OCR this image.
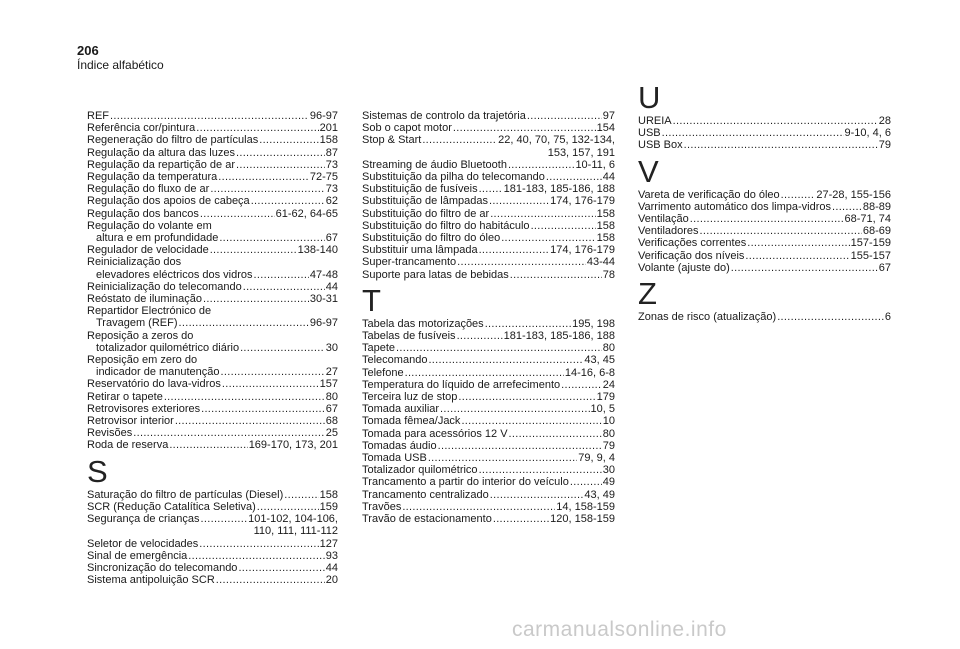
206
Índice alfabético
REF .....	96-97
Referência cor/pintura .....	201
Regeneração do filtro de partículas .....	158
Regulação da altura das luzes .....	87
Regulação da repartição de ar .....	73
Regulação da temperatura .....	72-75
Regulação do fluxo de ar .....	73
Regulação dos apoios de cabeça .....	62
Regulação dos bancos .....	61-62, 64-65
Regulação do volante em
altura e em profundidade .....	67
Regulador de velocidade .....	138-140
Reinicialização dos
elevadores eléctricos dos vidros .....	47-48
Reinicialização do telecomando .....	44
Reóstato de iluminação .....	30-31
Repartidor Electrónico de
Travagem (REF) .....	96-97
Reposição a zeros do
totalizador quilométrico diário .....	30
Reposição em zero do
indicador de manutenção .....	27
Reservatório do lava-vidros .....	157
Retirar o tapete .....	80
Retrovisores exteriores .....	67
Retrovisor interior .....	68
Revisões .....	25
Roda de reserva .....	169-170, 173, 201
S
Saturação do filtro de partículas (Diesel) .....	158
SCR (Redução Catalítica Seletiva) .....	159
Segurança de crianças .....	101-102, 104-106,
110, 111, 111-112
Seletor de velocidades .....	127
Sinal de emergência .....	93
Sincronização do telecomando .....	44
Sistema antipoluição SCR .....	20
Sistemas de controlo da trajetória .....	97
Sob o capot motor .....	154
Stop & Start .....	22, 40, 70, 75, 132-134,
153, 157, 191
Streaming de áudio Bluetooth .....	10-11, 6
Substituição da pilha do telecomando .....	44
Substituição de fusíveis ..... 181-183, 185-186, 188
Substituição de lâmpadas .....	174, 176-179
Substituição do filtro de ar .....	158
Substituição do filtro do habitáculo .....	158
Substituição do filtro do óleo .....	158
Substituir uma lâmpada .....	174, 176-179
Super-trancamento .....	43-44
Suporte para latas de bebidas .....	78
T
Tabela das motorizações .....	195, 198
Tabelas de fusíveis .....	181-183, 185-186, 188
Tapete .....	80
Telecomando .....	43, 45
Telefone .....	14-16, 6-8
Temperatura do líquido de arrefecimento .....	24
Terceira luz de stop .....	179
Tomada auxiliar .....	10, 5
Tomada fêmea/Jack .....	10
Tomada para acessórios 12 V .....	80
Tomadas áudio .....	79
Tomada USB .....	79, 9, 4
Totalizador quilométrico .....	30
Trancamento a partir do interior do veículo .....	49
Trancamento centralizado .....	43, 49
Travões .....	14, 158-159
Travão de estacionamento .....	120, 158-159
U
UREIA .....	28
USB .....	9-10, 4, 6
USB Box .....	79
V
Vareta de verificação do óleo .....	27-28, 155-156
Varrimento automático dos limpa-vidros .....	88-89
Ventilação .....	68-71, 74
Ventiladores .....	68-69
Verificações correntes .....	157-159
Verificação dos níveis .....	155-157
Volante (ajuste do) .....	67
Z
Zonas de risco (atualização) .....	6
carmanualsonline.info
